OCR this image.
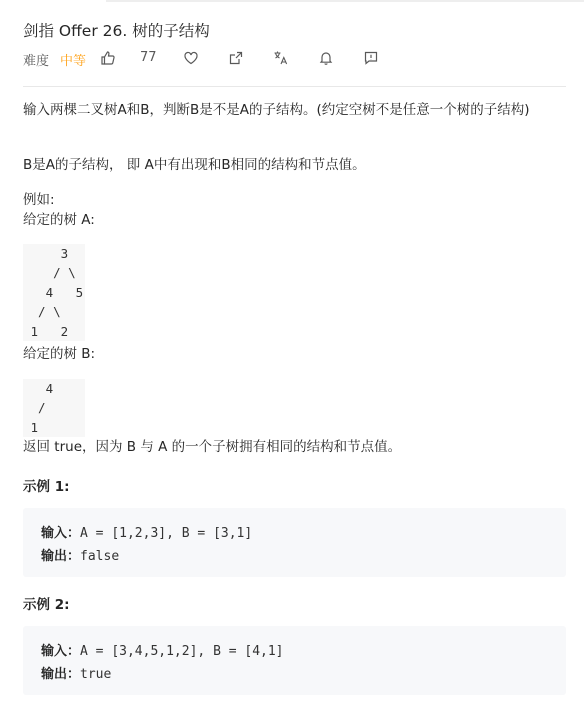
剑指 Offer 26. 树的子结构
难度 中等	77
输入两棵二叉树A和B，判断B是不是A的子结构。(约定空树不是任意一个树的子结构)
B是A的子结构， 即 A中有出现和B相同的结构和节点值。
例如:
给定的树 A:
3
/ \
4   5
/ \
1   2
给定的树 B:
4
/
1
返回 true，因为 B 与 A 的一个子树拥有相同的结构和节点值。
示例 1:
输入：A = [1,2,3], B = [3,1]
输出：false
示例 2:
输入：A = [3,4,5,1,2], B = [4,1]
输出：true
